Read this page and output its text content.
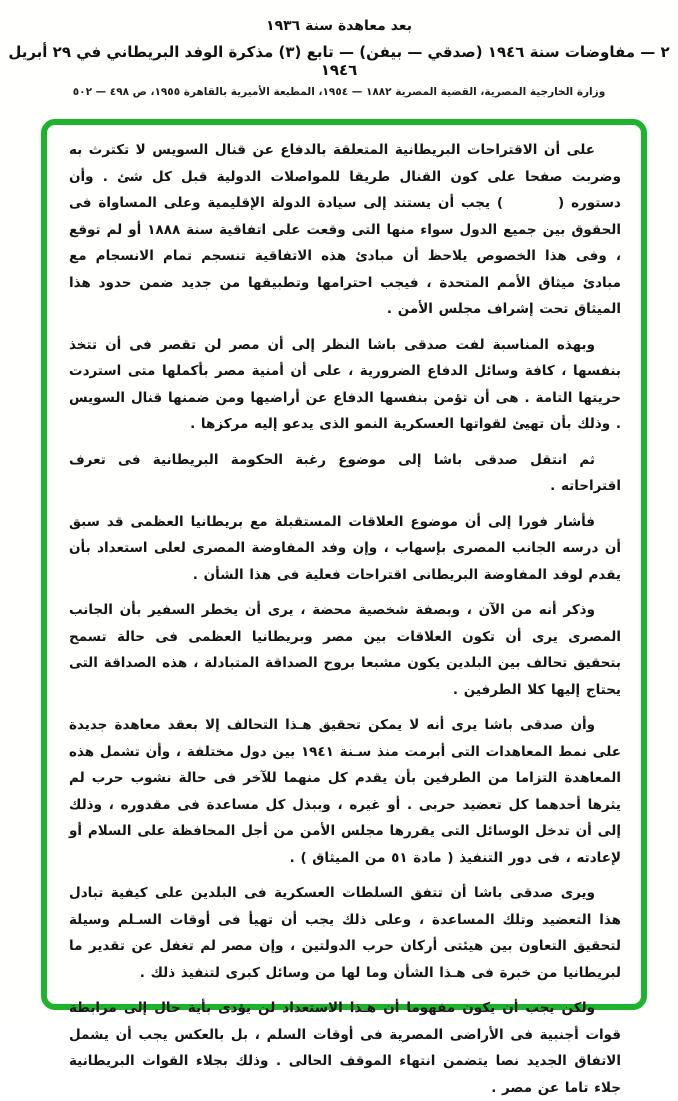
بعد معاهدة سنة ١٩٣٦
٢ — مفاوضات سنة ١٩٤٦ (صدقي — بيفن) — تابع (٣) مذكرة الوفد البريطاني في ٢٩ أبريل ١٩٤٦
وزارة الخارجية المصرية، القضية المصرية ١٨٨٢ — ١٩٥٤، المطبعة الأميرية بالقاهرة ١٩٥٥، ص ٤٩٨ — ٥٠٢

على أن الاقتراحات البريطانية المتعلقة بالدفاع عن قنال السويس لا تكترث به وضربت صفحا على كون القنال طريقا للمواصلات الدولية قبل كل شئ . وأن دستوره (        ) يجب أن يستند إلى سيادة الدولة الإقليمية وعلى المساواة فى الحقوق بين جميع الدول سواء منها التى وقعت على اتفاقية سنة ١٨٨٨ أو لم توقع ، وفى هذا الخصوص يلاحظ أن مبادئ هذه الاتفاقية تنسجم تمام الانسجام مع مبادئ ميثاق الأمم المتحدة ، فيجب احترامها وتطبيقها من جديد ضمن حدود هذا الميثاق تحت إشراف مجلس الأمن .

وبهذه المناسبة لفت صدقى باشا النظر إلى أن مصر لن تقصر فى أن تتخذ بنفسها ، كافة وسائل الدفاع الضرورية ، على أن أمنية مصر بأكملها متى استردت حريتها التامة . هى أن تؤمن بنفسها الدفاع عن أراضيها ومن ضمنها قنال السويس . وذلك بأن تهيئ لقواتها العسكرية النمو الذى يدعو إليه مركزها .

ثم انتقل صدقى باشا إلى موضوع رغبة الحكومة البريطانية فى تعرف اقتراحاته .

فأشار فورا إلى أن موضوع العلاقات المستقبلة مع بريطانيا العظمى قد سبق أن درسه الجانب المصرى بإسهاب ، وإن وفد المفاوضة المصرى لعلى استعداد بأن يقدم لوفد المفاوضة البريطانى اقتراحات فعلية فى هذا الشأن .

وذكر أنه من الآن ، وبصفة شخصية محضة ، يرى أن يخطر السفير بأن الجانب المصرى يرى أن تكون العلاقات بين مصر وبريطانيا العظمى فى حالة تسمح بتحقيق تحالف بين البلدين يكون مشبعا بروح الصداقة المتبادلة ، هذه الصداقة التى يحتاج إليها كلا الطرفين .

وأن صدقى باشا يرى أنه لا يمكن تحقيق هـذا التحالف إلا بعقد معاهدة جديدة على نمط المعاهدات التى أبرمت منذ سـنة ١٩٤١ بين دول مختلفة ، وأن تشمل هذه المعاهدة التزاما من الطرفين بأن يقدم كل منهما للآخر فى حالة نشوب حرب لم يثرها أحدهما كل تعضيد حربى . أو غيره ، وببذل كل مساعدة فى مقدوره ، وذلك إلى أن تدخل الوسائل التى يقررها مجلس الأمن من أجل المحافظة على السلام أو لإعادته ، فى دور التنفيذ ( مادة ٥١ من الميثاق ) .

ويرى صدقى باشا أن تتفق السلطات العسكرية فى البلدين على كيفية تبادل هذا التعضيد وتلك المساعدة ، وعلى ذلك يجب أن تهيأ فى أوقات السـلم وسيلة لتحقيق التعاون بين هيئتى أركان حرب الدولتين ، وإن مصر لم تغفل عن تقدير ما لبريطانيا من خبرة فى هـذا الشأن وما لها من وسائل كبرى لتنفيذ ذلك .

ولكن يجب أن يكون مفهوما أن هـذا الاستعداد لن يؤدى بأية حال إلى مرابطة قوات أجنبية فى الأراضى المصرية فى أوقات السلم ، بل بالعكس يجب أن يشمل الاتفاق الجديد نصا يتضمن انتهاء الموقف الحالى . وذلك بجلاء القوات البريطانية جلاء تاما عن مصر .
